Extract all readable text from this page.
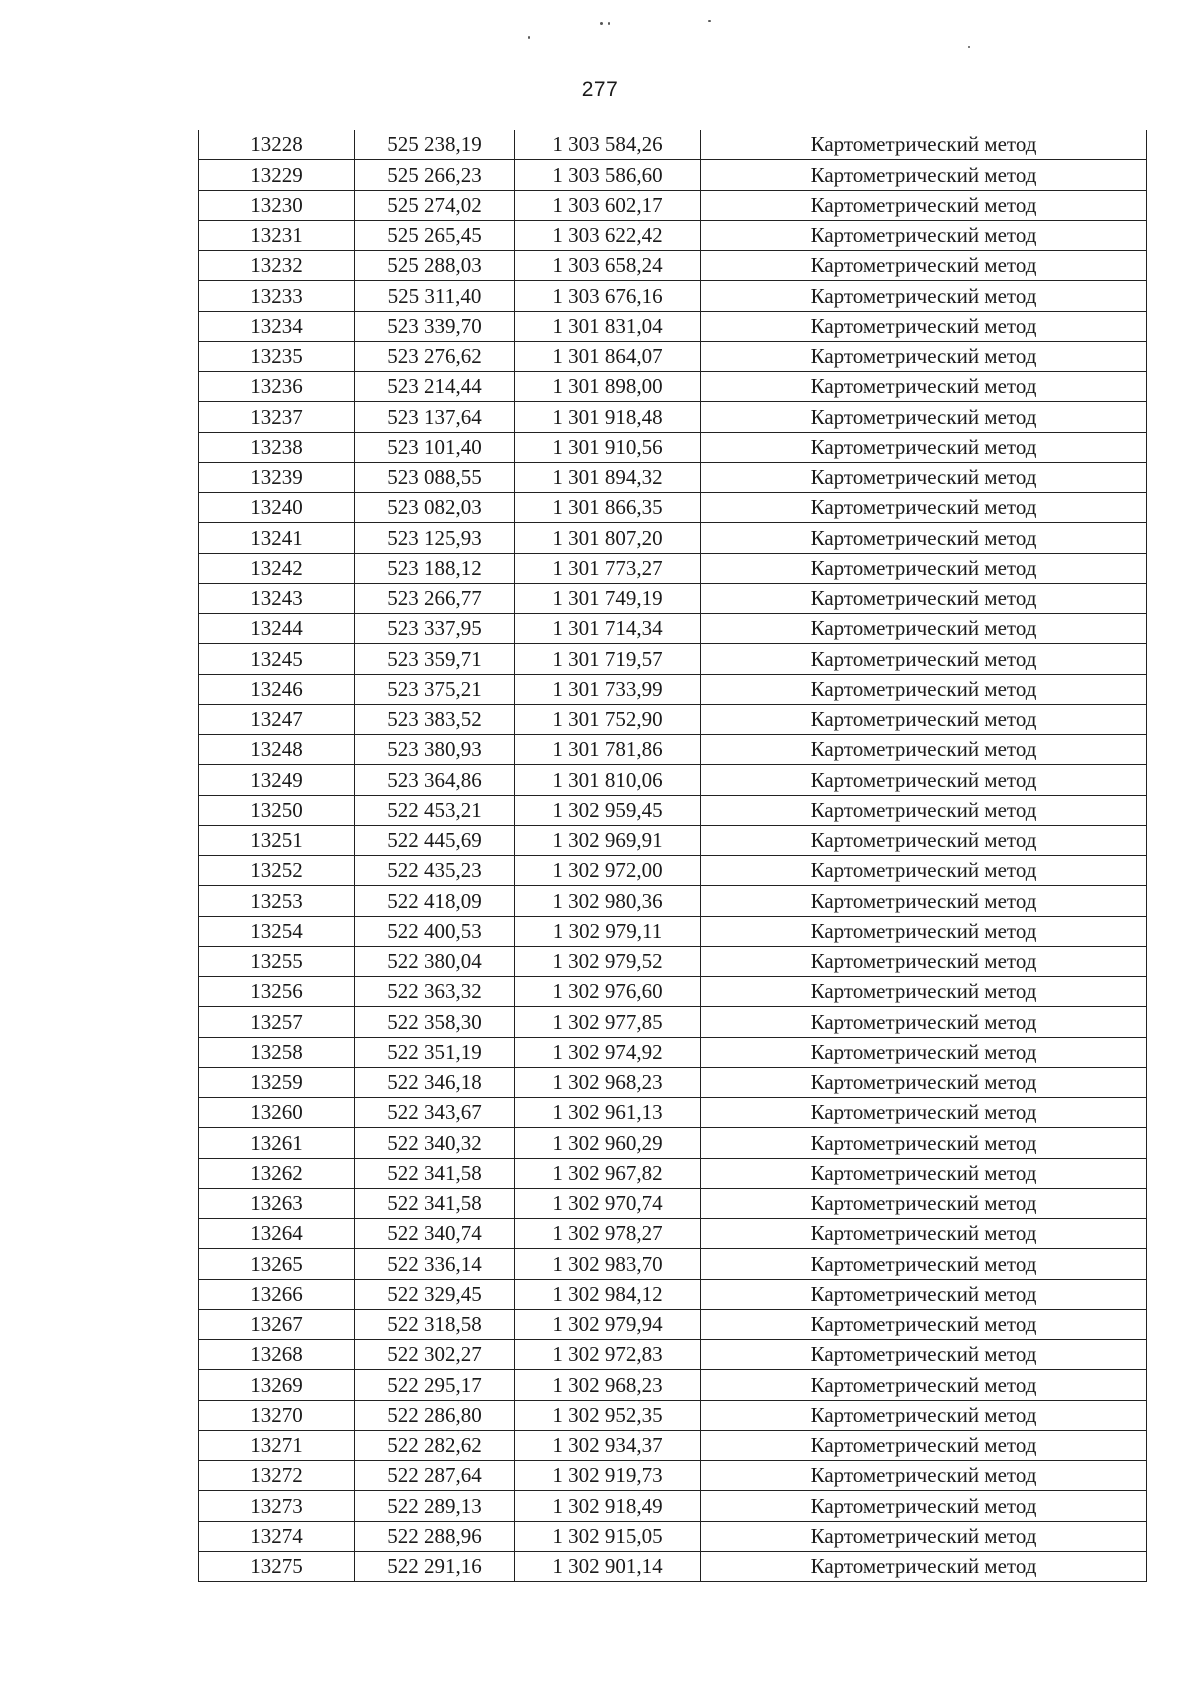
277
13228	525 238,19	1 303 584,26	Картометрический метод
13229	525 266,23	1 303 586,60	Картометрический метод
13230	525 274,02	1 303 602,17	Картометрический метод
13231	525 265,45	1 303 622,42	Картометрический метод
13232	525 288,03	1 303 658,24	Картометрический метод
13233	525 311,40	1 303 676,16	Картометрический метод
13234	523 339,70	1 301 831,04	Картометрический метод
13235	523 276,62	1 301 864,07	Картометрический метод
13236	523 214,44	1 301 898,00	Картометрический метод
13237	523 137,64	1 301 918,48	Картометрический метод
13238	523 101,40	1 301 910,56	Картометрический метод
13239	523 088,55	1 301 894,32	Картометрический метод
13240	523 082,03	1 301 866,35	Картометрический метод
13241	523 125,93	1 301 807,20	Картометрический метод
13242	523 188,12	1 301 773,27	Картометрический метод
13243	523 266,77	1 301 749,19	Картометрический метод
13244	523 337,95	1 301 714,34	Картометрический метод
13245	523 359,71	1 301 719,57	Картометрический метод
13246	523 375,21	1 301 733,99	Картометрический метод
13247	523 383,52	1 301 752,90	Картометрический метод
13248	523 380,93	1 301 781,86	Картометрический метод
13249	523 364,86	1 301 810,06	Картометрический метод
13250	522 453,21	1 302 959,45	Картометрический метод
13251	522 445,69	1 302 969,91	Картометрический метод
13252	522 435,23	1 302 972,00	Картометрический метод
13253	522 418,09	1 302 980,36	Картометрический метод
13254	522 400,53	1 302 979,11	Картометрический метод
13255	522 380,04	1 302 979,52	Картометрический метод
13256	522 363,32	1 302 976,60	Картометрический метод
13257	522 358,30	1 302 977,85	Картометрический метод
13258	522 351,19	1 302 974,92	Картометрический метод
13259	522 346,18	1 302 968,23	Картометрический метод
13260	522 343,67	1 302 961,13	Картометрический метод
13261	522 340,32	1 302 960,29	Картометрический метод
13262	522 341,58	1 302 967,82	Картометрический метод
13263	522 341,58	1 302 970,74	Картометрический метод
13264	522 340,74	1 302 978,27	Картометрический метод
13265	522 336,14	1 302 983,70	Картометрический метод
13266	522 329,45	1 302 984,12	Картометрический метод
13267	522 318,58	1 302 979,94	Картометрический метод
13268	522 302,27	1 302 972,83	Картометрический метод
13269	522 295,17	1 302 968,23	Картометрический метод
13270	522 286,80	1 302 952,35	Картометрический метод
13271	522 282,62	1 302 934,37	Картометрический метод
13272	522 287,64	1 302 919,73	Картометрический метод
13273	522 289,13	1 302 918,49	Картометрический метод
13274	522 288,96	1 302 915,05	Картометрический метод
13275	522 291,16	1 302 901,14	Картометрический метод
